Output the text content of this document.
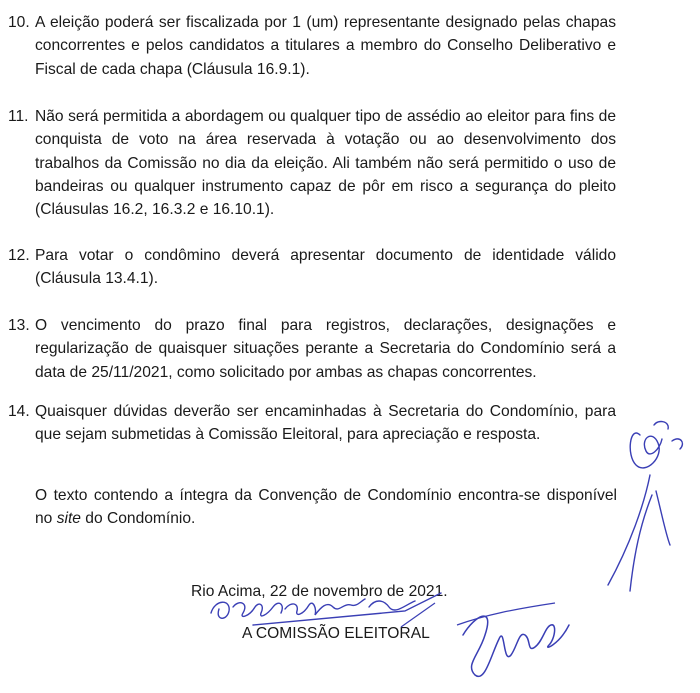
10. A eleição poderá ser fiscalizada por 1 (um) representante designado pelas chapas concorrentes e pelos candidatos a titulares a membro do Conselho Deliberativo e Fiscal de cada chapa (Cláusula 16.9.1).
11. Não será permitida a abordagem ou qualquer tipo de assédio ao eleitor para fins de conquista de voto na área reservada à votação ou ao desenvolvimento dos trabalhos da Comissão no dia da eleição. Ali também não será permitido o uso de bandeiras ou qualquer instrumento capaz de pôr em risco a segurança do pleito (Cláusulas 16.2, 16.3.2 e 16.10.1).
12. Para votar o condômino deverá apresentar documento de identidade válido (Cláusula 13.4.1).
13. O vencimento do prazo final para registros, declarações, designações e regularização de quaisquer situações perante a Secretaria do Condomínio será a data de 25/11/2021, como solicitado por ambas as chapas concorrentes.
14. Quaisquer dúvidas deverão ser encaminhadas à Secretaria do Condomínio, para que sejam submetidas à Comissão Eleitoral, para apreciação e resposta.
O texto contendo a íntegra da Convenção de Condomínio encontra-se disponível no site do Condomínio.
Rio Acima, 22 de novembro de 2021.
A COMISSÃO ELEITORAL
